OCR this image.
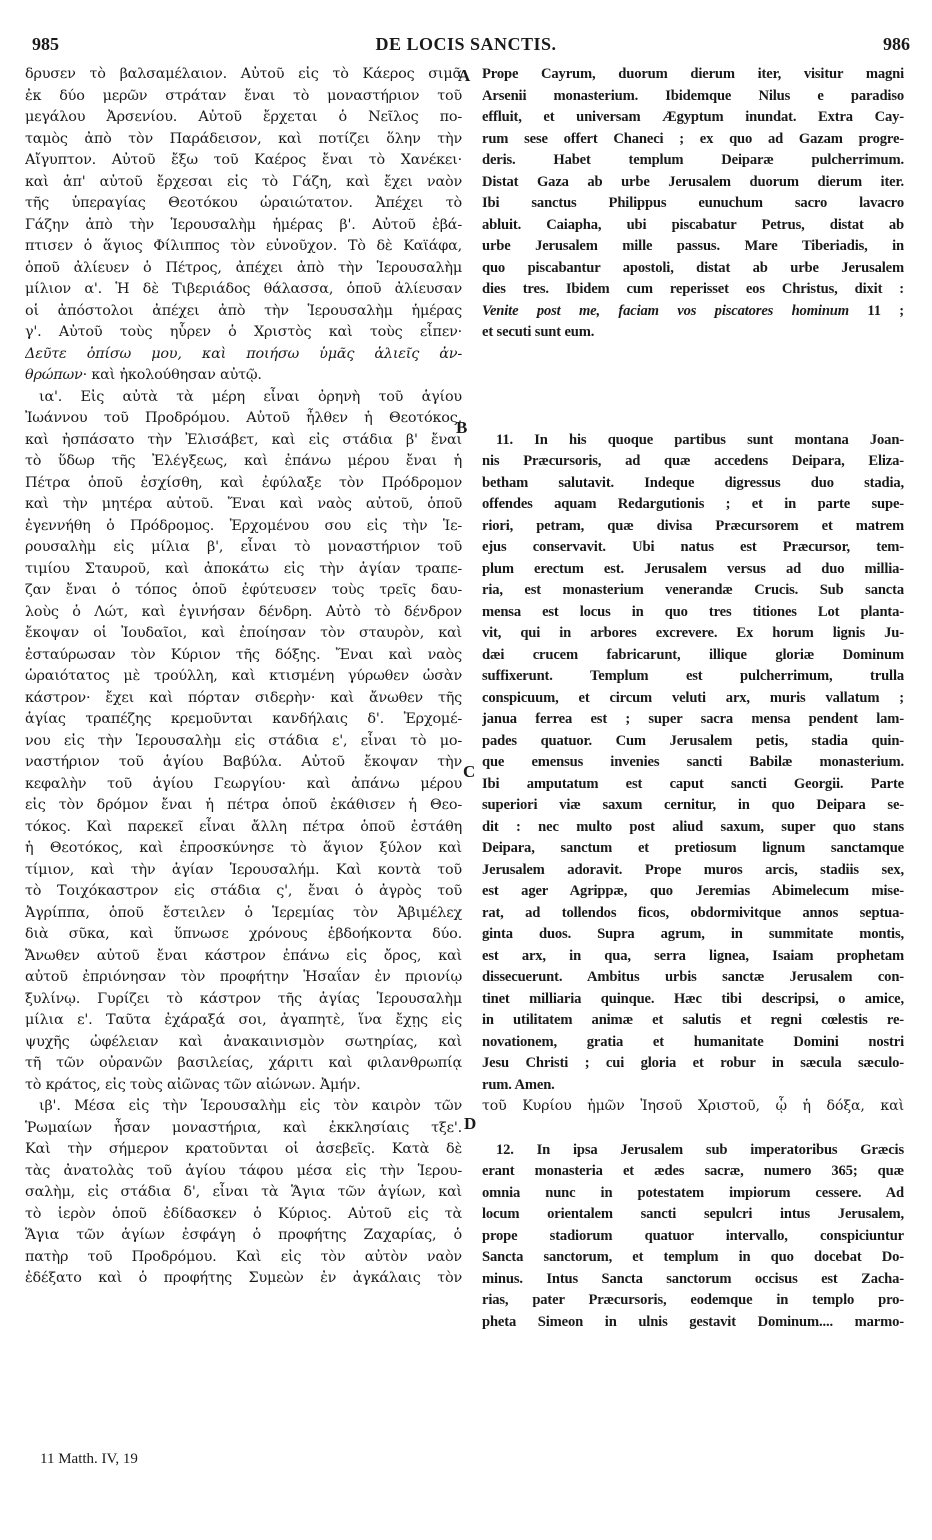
985	DE LOCIS SANCTIS.	986
A
B
C
D
δρυσεν τὸ βαλσαμέλαιον. Αὐτοῦ εἰς τὸ Κάερος σιμᾶ
ἐκ δύο μερῶν στράταν ἔναι τὸ μοναστήριον τοῦ
μεγάλου Ἀρσενίου. Αὐτοῦ ἔρχεται ὁ Νεῖλος πο-
ταμὸς ἀπὸ τὸν Παράδεισον, καὶ ποτίζει ὅλην τὴν
Αἴγυπτον. Αὐτοῦ ἔξω τοῦ Καέρος ἔναι τὸ Χανέκει·
καὶ ἀπ' αὐτοῦ ἔρχεσαι εἰς τὸ Γάζη, καὶ ἔχει ναὸν
τῆς ὑπεραγίας Θεοτόκου ὡραιώτατον. Ἀπέχει τὸ
Γάζην ἀπὸ τὴν Ἱερουσαλὴμ ἡμέρας β'. Αὐτοῦ ἐβά-
πτισεν ὁ ἅγιος Φίλιππος τὸν εὐνοῦχον. Τὸ δὲ Καϊάφα,
ὁποῦ ἀλίευεν ὁ Πέτρος, ἀπέχει ἀπὸ τὴν Ἱερουσαλὴμ
μίλιον α'. Ἡ δὲ Τιβεριάδος θάλασσα, ὁποῦ ἀλίευσαν
οἱ ἀπόστολοι ἀπέχει ἀπὸ τὴν Ἱερουσαλὴμ ἡμέρας
γ'. Αὐτοῦ τοὺς ηὗρεν ὁ Χριστὸς καὶ τοὺς εἶπεν·
Δεῦτε ὀπίσω μου, καὶ ποιήσω ὑμᾶς ἁλιεῖς ἀν-
θρώπων· καὶ ἠκολούθησαν αὐτῷ.
ια'. Εἰς αὐτὰ τὰ μέρη εἶναι ὀρηνὴ τοῦ ἁγίου
Ἰωάννου τοῦ Προδρόμου. Αὐτοῦ ἦλθεν ἡ Θεοτόκος,
καὶ ἠσπάσατο τὴν Ἐλισάβετ, καὶ εἰς στάδια β' ἔναι
τὸ ὕδωρ τῆς Ἐλέγξεως, καὶ ἐπάνω μέρου ἔναι ἡ
Πέτρα ὁποῦ ἐσχίσθη, καὶ ἐφύλαξε τὸν Πρόδρομον
καὶ τὴν μητέρα αὐτοῦ. Ἔναι καὶ ναὸς αὐτοῦ, ὁποῦ
ἐγεννήθη ὁ Πρόδρομος. Ἐρχομένου σου εἰς τὴν Ἱε-
ρουσαλὴμ εἰς μίλια β', εἶναι τὸ μοναστήριον τοῦ
τιμίου Σταυροῦ, καὶ ἀποκάτω εἰς τὴν ἁγίαν τραπε-
ζαν ἔναι ὁ τόπος ὁποῦ ἐφύτευσεν τοὺς τρεῖς δαυ-
λοὺς ὁ Λώτ, καὶ ἐγινήσαν δένδρη. Αὐτὸ τὸ δένδρον
ἔκοψαν οἱ Ἰουδαῖοι, καὶ ἐποίησαν τὸν σταυρὸν, καὶ
ἐσταύρωσαν τὸν Κύριον τῆς δόξης. Ἔναι καὶ ναὸς
ὡραιότατος μὲ τρούλλη, καὶ κτισμένη γύρωθεν ὡσὰν
κάστρον· ἔχει καὶ πόρταν σιδερὴν· καὶ ἄνωθεν τῆς
ἁγίας τραπέζης κρεμοῦνται κανδήλαις δ'. Ἐρχομέ-
νου εἰς τὴν Ἱερουσαλὴμ εἰς στάδια ε', εἶναι τὸ μο-
ναστήριον τοῦ ἁγίου Βαβύλα. Αὐτοῦ ἔκοψαν τὴν
κεφαλὴν τοῦ ἁγίου Γεωργίου· καὶ ἀπάνω μέρου
εἰς τὸν δρόμον ἔναι ἡ πέτρα ὁποῦ ἐκάθισεν ἡ Θεο-
τόκος. Καὶ παρεκεῖ εἶναι ἄλλη πέτρα ὁποῦ ἐστάθη
ἡ Θεοτόκος, καὶ ἐπροσκύνησε τὸ ἅγιον ξύλον καὶ
τίμιον, καὶ τὴν ἁγίαν Ἱερουσαλήμ. Καὶ κοντὰ τοῦ
τὸ Τοιχόκαστρον εἰς στάδια ς', ἔναι ὁ ἀγρὸς τοῦ
Ἀγρίππα, ὁποῦ ἔστειλεν ὁ Ἱερεμίας τὸν Ἀβιμέλεχ
διὰ σῦκα, καὶ ὕπνωσε χρόνους ἑβδοήκοντα δύο.
Ἄνωθεν αὐτοῦ ἔναι κάστρον ἐπάνω εἰς ὄρος, καὶ
αὐτοῦ ἐπριόνησαν τὸν προφήτην Ἡσαΐαν ἐν πριονίῳ
ξυλίνῳ. Γυρίζει τὸ κάστρον τῆς ἁγίας Ἱερουσαλὴμ
μίλια ε'. Ταῦτα ἐχάραξά σοι, ἀγαπητὲ, ἵνα ἔχῃς εἰς
ψυχῆς ὠφέλειαν καὶ ἀνακαινισμὸν σωτηρίας, καὶ
τῆ τῶν οὐρανῶν βασιλείας, χάριτι καὶ φιλανθρωπίᾳ
τὸ κράτος, εἰς τοὺς αἰῶνας τῶν αἰώνων. Ἀμήν.
ιβ'. Μέσα εἰς τὴν Ἱερουσαλὴμ εἰς τὸν καιρὸν τῶν
Ῥωμαίων ἦσαν μοναστήρια, καὶ ἐκκλησίαις τξε'.
Καὶ τὴν σήμερον κρατοῦνται οἱ ἀσεβεῖς. Κατὰ δὲ
τὰς ἀνατολὰς τοῦ ἁγίου τάφου μέσα εἰς τὴν Ἱερου-
σαλὴμ, εἰς στάδια δ', εἶναι τὰ Ἅγια τῶν ἁγίων, καὶ
τὸ ἱερὸν ὁποῦ ἐδίδασκεν ὁ Κύριος. Αὐτοῦ εἰς τὰ
Ἅγια τῶν ἁγίων ἐσφάγη ὁ προφήτης Ζαχαρίας, ὁ
πατὴρ τοῦ Προδρόμου. Καὶ εἰς τὸν αὐτὸν ναὸν
ἐδέξατο καὶ ὁ προφήτης Συμεὼν ἐν ἀγκάλαις τὸν
Prope Cayrum, duorum dierum iter, visitur magni
Arsenii monasterium. Ibidemque Nilus e paradiso
effluit, et universam Ægyptum inundat. Extra Cay-
rum sese offert Chaneci ; ex quo ad Gazam progre-
deris. Habet templum Deiparæ pulcherrimum.
Distat Gaza ab urbe Jerusalem duorum dierum iter.
Ibi sanctus Philippus eunuchum sacro lavacro
abluit. Caiapha, ubi piscabatur Petrus, distat ab
urbe Jerusalem mille passus. Mare Tiberiadis, in
quo piscabantur apostoli, distat ab urbe Jerusalem
dies tres. Ibidem cum reperisset eos Christus, dixit :
Venite post me, faciam vos piscatores hominum 11 ;
et secuti sunt eum.
11. In his quoque partibus sunt montana Joan-
nis Præcursoris, ad quæ accedens Deipara, Eliza-
betham salutavit. Indeque digressus duo stadia,
offendes aquam Redargutionis ; et in parte supe-
riori, petram, quæ divisa Præcursorem et matrem
ejus conservavit. Ubi natus est Præcursor, tem-
plum erectum est. Jerusalem versus ad duo millia-
ria, est monasterium venerandæ Crucis. Sub sancta
mensa est locus in quo tres titiones Lot planta-
vit, qui in arbores excrevere. Ex horum lignis Ju-
dæi crucem fabricarunt, illique gloriæ Dominum
suffixerunt. Templum est pulcherrimum, trulla
conspicuum, et circum veluti arx, muris vallatum ;
janua ferrea est ; super sacra mensa pendent lam-
pades quatuor. Cum Jerusalem petis, stadia quin-
que emensus invenies sancti Babilæ monasterium.
Ibi amputatum est caput sancti Georgii. Parte
superiori viæ saxum cernitur, in quo Deipara se-
dit : nec multo post aliud saxum, super quo stans
Deipara, sanctum et pretiosum lignum sanctamque
Jerusalem adoravit. Prope muros arcis, stadiis sex,
est ager Agrippæ, quo Jeremias Abimelecum mise-
rat, ad tollendos ficos, obdormivitque annos septua-
ginta duos. Supra agrum, in summitate montis,
est arx, in qua, serra lignea, Isaiam prophetam
dissecuerunt. Ambitus urbis sanctæ Jerusalem con-
tinet milliaria quinque. Hæc tibi descripsi, o amice,
in utilitatem animæ et salutis et regni cœlestis re-
novationem, gratia et humanitate Domini nostri
Jesu Christi ; cui gloria et robur in sæcula sæculo-
rum. Amen.
τοῦ Κυρίου ἡμῶν Ἰησοῦ Χριστοῦ, ᾧ ἡ δόξα, καὶ
12. In ipsa Jerusalem sub imperatoribus Græcis
erant monasteria et ædes sacræ, numero 365; quæ
omnia nunc in potestatem impiorum cessere. Ad
locum orientalem sancti sepulcri intus Jerusalem,
prope stadiorum quatuor intervallo, conspiciuntur
Sancta sanctorum, et templum in quo docebat Do-
minus. Intus Sancta sanctorum occisus est Zacha-
rias, pater Præcursoris, eodemque in templo pro-
pheta Simeon in ulnis gestavit Dominum.... marmo-
11 Matth. IV, 19
